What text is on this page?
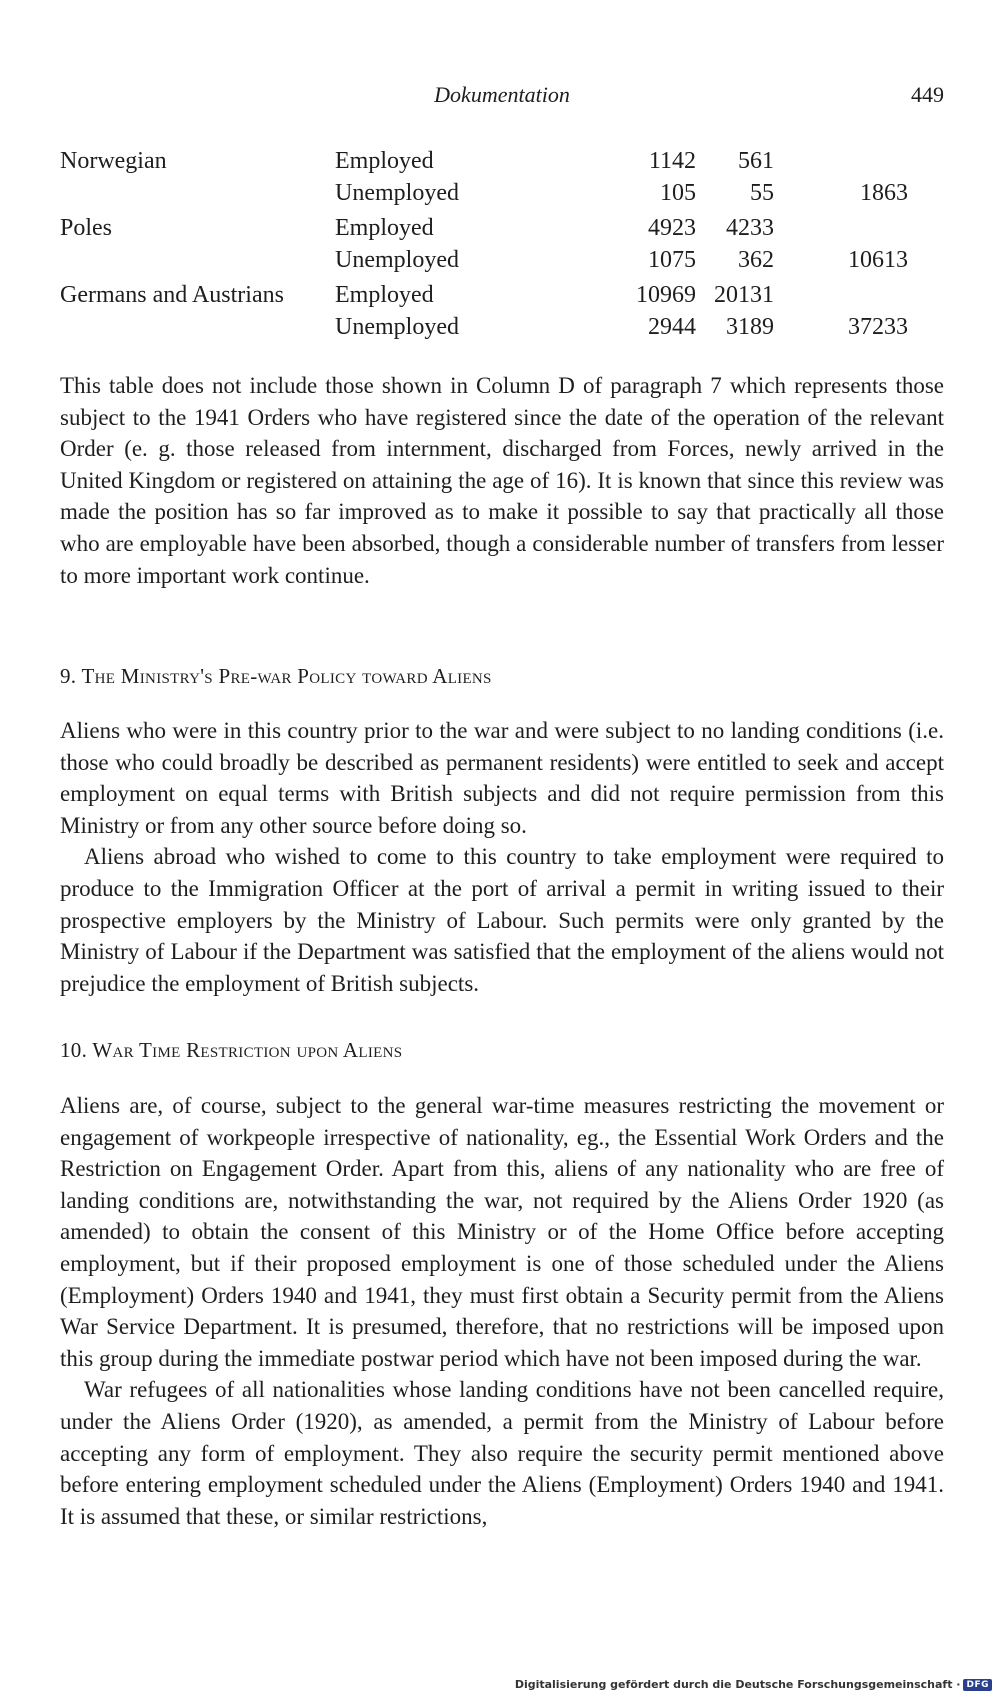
Dokumentation	449
Norwegian	Employed	1142 561
Unemployed	105 55	1863
Poles	Employed	4923 4233
Unemployed	1075 362	10613
Germans and Austrians Employed	10969 20131
Unemployed	2944 3189	37233

This table does not include those shown in Column D of paragraph 7 which represents those subject to the 1941 Orders who have registered since the date of the operation of the relevant Order (e. g. those released from internment, discharged from Forces, newly arrived in the United Kingdom or registered on attaining the age of 16). It is known that since this review was made the position has so far improved as to make it possible to say that practically all those who are employable have been absorbed, though a considerable number of transfers from lesser to more important work continue.

9. The Ministry's Pre-war Policy toward Aliens

Aliens who were in this country prior to the war and were subject to no landing conditions (i.e. those who could broadly be described as permanent residents) were entitled to seek and accept employment on equal terms with British subjects and did not require permission from this Ministry or from any other source before doing so.

Aliens abroad who wished to come to this country to take employment were required to produce to the Immigration Officer at the port of arrival a permit in writing issued to their prospective employers by the Ministry of Labour. Such permits were only granted by the Ministry of Labour if the Department was satisfied that the employment of the aliens would not prejudice the employment of British subjects.

10. War Time Restriction upon Aliens

Aliens are, of course, subject to the general war-time measures restricting the movement or engagement of workpeople irrespective of nationality, eg., the Essential Work Orders and the Restriction on Engagement Order. Apart from this, aliens of any nationality who are free of landing conditions are, notwithstanding the war, not required by the Aliens Order 1920 (as amended) to obtain the consent of this Ministry or of the Home Office before accepting employment, but if their proposed employment is one of those scheduled under the Aliens (Employment) Orders 1940 and 1941, they must first obtain a Security permit from the Aliens War Service Department. It is presumed, therefore, that no restrictions will be imposed upon this group during the immediate postwar period which have not been imposed during the war.

War refugees of all nationalities whose landing conditions have not been cancelled require, under the Aliens Order (1920), as amended, a permit from the Ministry of Labour before accepting any form of employment. They also require the security permit mentioned above before entering employment scheduled under the Aliens (Employment) Orders 1940 and 1941. It is assumed that these, or similar restrictions,

Digitalisierung gefördert durch die Deutsche Forschungsgemeinschaft · DFG
